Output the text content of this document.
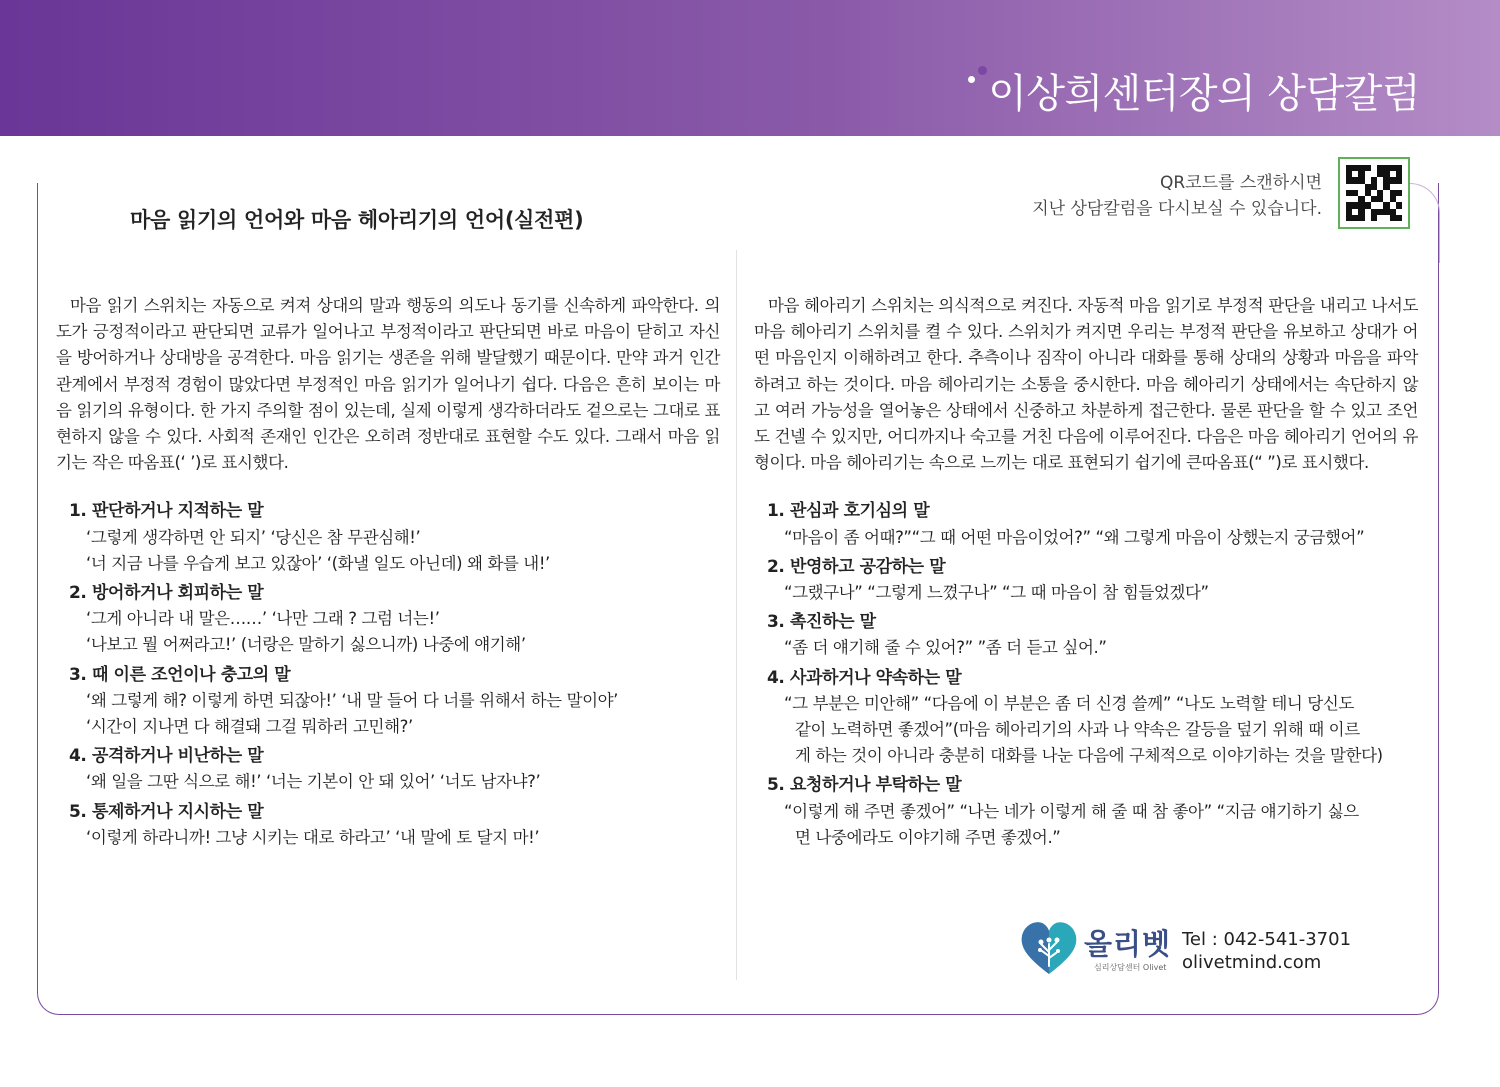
이상희센터장의 상담칼럼
마음 읽기의 언어와 마음 헤아리기의 언어(실전편)
QR코드를 스캔하시면
지난 상담칼럼을 다시보실 수 있습니다.

마음 읽기 스위치는 자동으로 켜져 상대의 말과 행동의 의도나 동기를 신속하게 파악한다. 의도가 긍정적이라고 판단되면 교류가 일어나고 부정적이라고 판단되면 바로 마음이 닫히고 자신을 방어하거나 상대방을 공격한다. 마음 읽기는 생존을 위해 발달했기 때문이다. 만약 과거 인간관계에서 부정적 경험이 많았다면 부정적인 마음 읽기가 일어나기 쉽다. 다음은 흔히 보이는 마음 읽기의 유형이다. 한 가지 주의할 점이 있는데, 실제 이렇게 생각하더라도 겉으로는 그대로 표현하지 않을 수 있다. 사회적 존재인 인간은 오히려 정반대로 표현할 수도 있다. 그래서 마음 읽기는 작은 따옴표(‘ ’)로 표시했다.

1. 판단하거나 지적하는 말
‘그렇게 생각하면 안 되지’ ‘당신은 참 무관심해!’
‘너 지금 나를 우습게 보고 있잖아’ ‘(화낼 일도 아닌데) 왜 화를 내!’
2. 방어하거나 회피하는 말
‘그게 아니라 내 말은……’ ‘나만 그래 ? 그럼 너는!’
‘나보고 뭘 어쩌라고!’ (너랑은 말하기 싫으니까) 나중에 얘기해’
3. 때 이른 조언이나 충고의 말
‘왜 그렇게 해? 이렇게 하면 되잖아!’ ‘내 말 들어 다 너를 위해서 하는 말이야’
‘시간이 지나면 다 해결돼 그걸 뭐하러 고민해?’
4. 공격하거나 비난하는 말
‘왜 일을 그딴 식으로 해!’ ‘너는 기본이 안 돼 있어’ ‘너도 남자냐?’
5. 통제하거나 지시하는 말
‘이렇게 하라니까! 그냥 시키는 대로 하라고’ ‘내 말에 토 달지 마!’

마음 헤아리기 스위치는 의식적으로 켜진다. 자동적 마음 읽기로 부정적 판단을 내리고 나서도 마음 헤아리기 스위치를 켤 수 있다. 스위치가 켜지면 우리는 부정적 판단을 유보하고 상대가 어떤 마음인지 이해하려고 한다. 추측이나 짐작이 아니라 대화를 통해 상대의 상황과 마음을 파악하려고 하는 것이다. 마음 헤아리기는 소통을 중시한다. 마음 헤아리기 상태에서는 속단하지 않고 여러 가능성을 열어놓은 상태에서 신중하고 차분하게 접근한다. 물론 판단을 할 수 있고 조언도 건넬 수 있지만, 어디까지나 숙고를 거친 다음에 이루어진다. 다음은 마음 헤아리기 언어의 유형이다. 마음 헤아리기는 속으로 느끼는 대로 표현되기 쉽기에 큰따옴표(“ ”)로 표시했다.

1. 관심과 호기심의 말
“마음이 좀 어때?”“그 때 어떤 마음이었어?” “왜 그렇게 마음이 상했는지 궁금했어”
2. 반영하고 공감하는 말
“그랬구나” “그렇게 느꼈구나” “그 때 마음이 참 힘들었겠다”
3. 촉진하는 말
“좀 더 얘기해 줄 수 있어?” ”좀 더 듣고 싶어.”
4. 사과하거나 약속하는 말
“그 부분은 미안해” “다음에 이 부분은 좀 더 신경 쓸께” “나도 노력할 테니 당신도
같이 노력하면 좋겠어”(마음 헤아리기의 사과 나 약속은 갈등을 덮기 위해 때 이르
게 하는 것이 아니라 충분히 대화를 나눈 다음에 구체적으로 이야기하는 것을 말한다)
5. 요청하거나 부탁하는 말
“이렇게 해 주면 좋겠어” “나는 네가 이렇게 해 줄 때 참 좋아” “지금 얘기하기 싫으
면 나중에라도 이야기해 주면 좋겠어.”
올리벳
심리상담센터 Olivet
Tel : 042-541-3701
olivetmind.com
